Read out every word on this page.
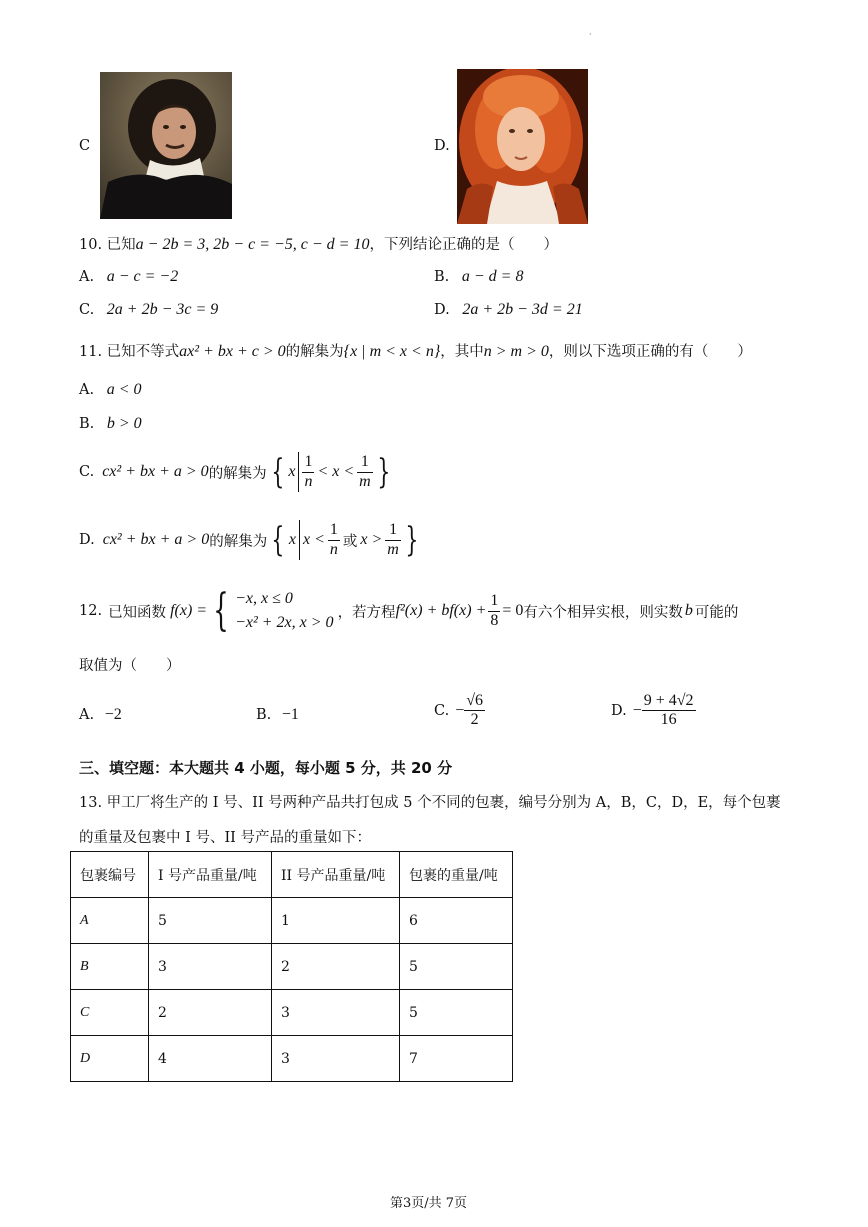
·
C	D.
10. 已知a − 2b = 3, 2b − c = −5, c − d = 10，下列结论正确的是（　　）
A. a − c = −2	B. a − d = 8
C. 2a + 2b − 3c = 9	D. 2a + 2b − 3d = 21
11. 已知不等式ax² + bx + c > 0的解集为{x | m < x < n}，其中n > m > 0，则以下选项正确的有（　　）
A. a < 0
B. b > 0
C. cx² + bx + a > 0 的解集为 { x $\frac{1}{n} < x < \frac{1}{m}$ }
D. cx² + bx + a > 0 的解集为 { x $x < \frac{1}{n}$ 或 $x > \frac{1}{m}$ }
12. 已知函数 f(x) = { −x, x ≤ 0
−x² + 2x, x > 0
，若方程 $f^2(x) + bf(x) + \frac{1}{8} = 0$ 有六个相异实根，则实数 b 可能的
取值为（　　）
A. −2	B. −1	C. − $\frac{√6}{2}$	D. − $\frac{9 + 4√2}{16}$
三、填空题：本大题共 4 小题，每小题 5 分，共 20 分
13. 甲工厂将生产的 I 号、II 号两种产品共打包成 5 个不同的包裹，编号分别为 A，B，C，D，E，每个包裹
的重量及包裹中 I 号、II 号产品的重量如下：
包裹编号	I 号产品重量/吨	II 号产品重量/吨	包裹的重量/吨
A	5	1	6
B	3	2	5
C	2	3	5
D	4	3	7
第3页/共 7页
